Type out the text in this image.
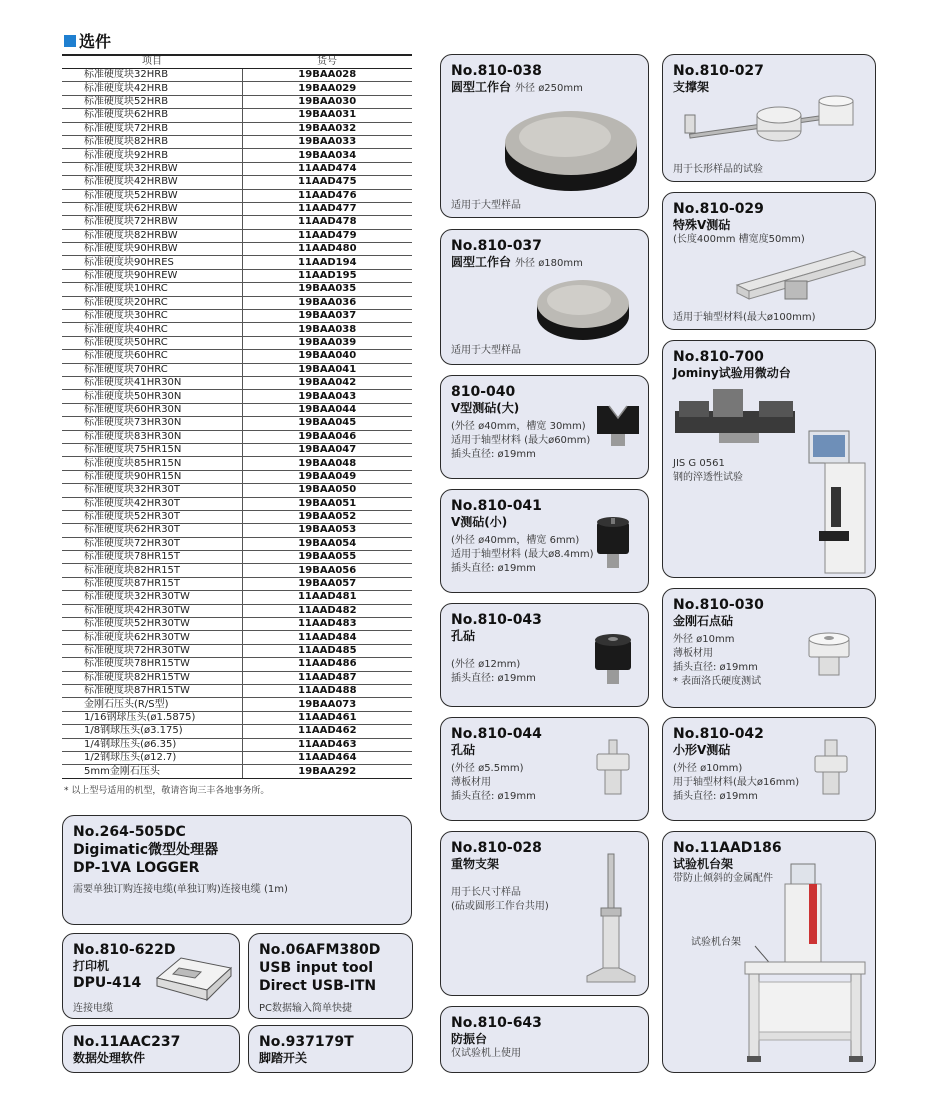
选件
项目	货号
标准硬度块32HRB	19BAA028
标准硬度块42HRB	19BAA029
标准硬度块52HRB	19BAA030
标准硬度块62HRB	19BAA031
标准硬度块72HRB	19BAA032
标准硬度块82HRB	19BAA033
标准硬度块92HRB	19BAA034
标准硬度块32HRBW	11AAD474
标准硬度块42HRBW	11AAD475
标准硬度块52HRBW	11AAD476
标准硬度块62HRBW	11AAD477
标准硬度块72HRBW	11AAD478
标准硬度块82HRBW	11AAD479
标准硬度块90HRBW	11AAD480
标准硬度块90HRES	11AAD194
标准硬度块90HREW	11AAD195
标准硬度块10HRC	19BAA035
标准硬度块20HRC	19BAA036
标准硬度块30HRC	19BAA037
标准硬度块40HRC	19BAA038
标准硬度块50HRC	19BAA039
标准硬度块60HRC	19BAA040
标准硬度块70HRC	19BAA041
标准硬度块41HR30N	19BAA042
标准硬度块50HR30N	19BAA043
标准硬度块60HR30N	19BAA044
标准硬度块73HR30N	19BAA045
标准硬度块83HR30N	19BAA046
标准硬度块75HR15N	19BAA047
标准硬度块85HR15N	19BAA048
标准硬度块90HR15N	19BAA049
标准硬度块32HR30T	19BAA050
标准硬度块42HR30T	19BAA051
标准硬度块52HR30T	19BAA052
标准硬度块62HR30T	19BAA053
标准硬度块72HR30T	19BAA054
标准硬度块78HR15T	19BAA055
标准硬度块82HR15T	19BAA056
标准硬度块87HR15T	19BAA057
标准硬度块32HR30TW	11AAD481
标准硬度块42HR30TW	11AAD482
标准硬度块52HR30TW	11AAD483
标准硬度块62HR30TW	11AAD484
标准硬度块72HR30TW	11AAD485
标准硬度块78HR15TW	11AAD486
标准硬度块82HR15TW	11AAD487
标准硬度块87HR15TW	11AAD488
金刚石压头(R/S型)	19BAA073
1/16钢球压头(ø1.5875)	11AAD461
1/8钢球压头(ø3.175)	11AAD462
1/4钢球压头(ø6.35)	11AAD463
1/2钢球压头(ø12.7)	11AAD464
5mm金刚石压头	19BAA292
* 以上型号适用的机型，敬请咨询三丰各地事务所。
No.264-505DC
Digimatic微型处理器
DP-1VA LOGGER
需要单独订购连接电缆(单独订购)连接电缆 (1m)
No.810-622D
打印机
DPU-414
连接电缆
No.06AFM380D
USB input tool
Direct USB-ITN
PC数据输入简单快捷
No.11AAC237
数据处理软件
No.937179T
脚踏开关
No.810-038
圆型工作台 外径 ø250mm
适用于大型样品
No.810-037
圆型工作台 外径 ø180mm
适用于大型样品
810-040
V型测砧(大)
(外径 ø40mm，槽宽 30mm)
适用于轴型材料 (最大ø60mm)
插头直径: ø19mm
No.810-041
V测砧(小)
(外径 ø40mm，槽宽 6mm)
适用于轴型材料 (最大ø8.4mm)
插头直径: ø19mm
No.810-043
孔砧
(外径 ø12mm)
插头直径: ø19mm
No.810-044
孔砧
(外径 ø5.5mm)
薄板材用
插头直径: ø19mm
No.810-028
重物支架
用于长尺寸样品
(砧或圆形工作台共用)
No.810-643
防振台
仅试验机上使用
No.810-027
支撑架
用于长形样品的试验
No.810-029
特殊V测砧
(长度400mm 槽宽度50mm)
适用于轴型材料(最大ø100mm)
No.810-700
Jominy试验用微动台
JIS G 0561
钢的淬透性试验
No.810-030
金刚石点砧
外径 ø10mm
薄板材用
插头直径: ø19mm
* 表面洛氏硬度测试
No.810-042
小形V测砧
(外径 ø10mm)
用于轴型材料(最大ø16mm)
插头直径: ø19mm
No.11AAD186
试验机台架
带防止倾斜的金属配件
试验机台架
